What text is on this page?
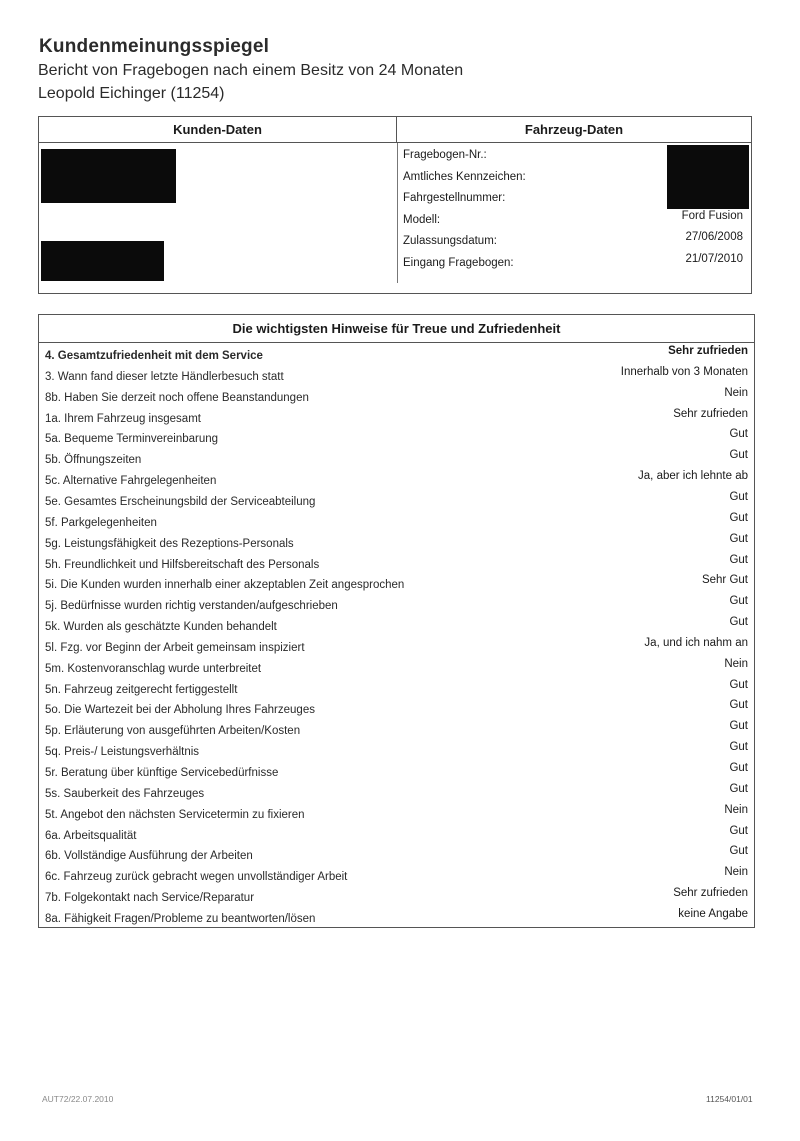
Kundenmeinungsspiegel
Bericht von Fragebogen nach einem Besitz von 24 Monaten
Leopold Eichinger (11254)
Kunden-Daten	Fahrzeug-Daten
Fragebogen-Nr.:
Amtliches Kennzeichen:
Fahrgestellnummer:
Modell:	Ford Fusion
Zulassungsdatum:	27/06/2008
Eingang Fragebogen:	21/07/2010
Die wichtigsten Hinweise für Treue und Zufriedenheit
4. Gesamtzufriedenheit mit dem Service	Sehr zufrieden
3. Wann fand dieser letzte Händlerbesuch statt	Innerhalb von 3 Monaten
8b. Haben Sie derzeit noch offene Beanstandungen	Nein
1a. Ihrem Fahrzeug insgesamt	Sehr zufrieden
5a. Bequeme Terminvereinbarung	Gut
5b. Öffnungszeiten	Gut
5c. Alternative Fahrgelegenheiten	Ja, aber ich lehnte ab
5e. Gesamtes Erscheinungsbild der Serviceabteilung	Gut
5f. Parkgelegenheiten	Gut
5g. Leistungsfähigkeit des Rezeptions-Personals	Gut
5h. Freundlichkeit und Hilfsbereitschaft des Personals	Gut
5i. Die Kunden wurden innerhalb einer akzeptablen Zeit angesprochen	Sehr Gut
5j. Bedürfnisse wurden richtig verstanden/aufgeschrieben	Gut
5k. Wurden als geschätzte Kunden behandelt	Gut
5l. Fzg. vor Beginn der Arbeit gemeinsam inspiziert	Ja, und ich nahm an
5m. Kostenvoranschlag wurde unterbreitet	Nein
5n. Fahrzeug zeitgerecht fertiggestellt	Gut
5o. Die Wartezeit bei der Abholung Ihres Fahrzeuges	Gut
5p. Erläuterung von ausgeführten Arbeiten/Kosten	Gut
5q. Preis-/ Leistungsverhältnis	Gut
5r. Beratung über künftige Servicebedürfnisse	Gut
5s. Sauberkeit des Fahrzeuges	Gut
5t. Angebot den nächsten Servicetermin zu fixieren	Nein
6a. Arbeitsqualität	Gut
6b. Vollständige Ausführung der Arbeiten	Gut
6c. Fahrzeug zurück gebracht wegen unvollständiger Arbeit	Nein
7b. Folgekontakt nach Service/Reparatur	Sehr zufrieden
8a. Fähigkeit Fragen/Probleme zu beantworten/lösen	keine Angabe
AUT72/22.07.2010	11254/01/01
